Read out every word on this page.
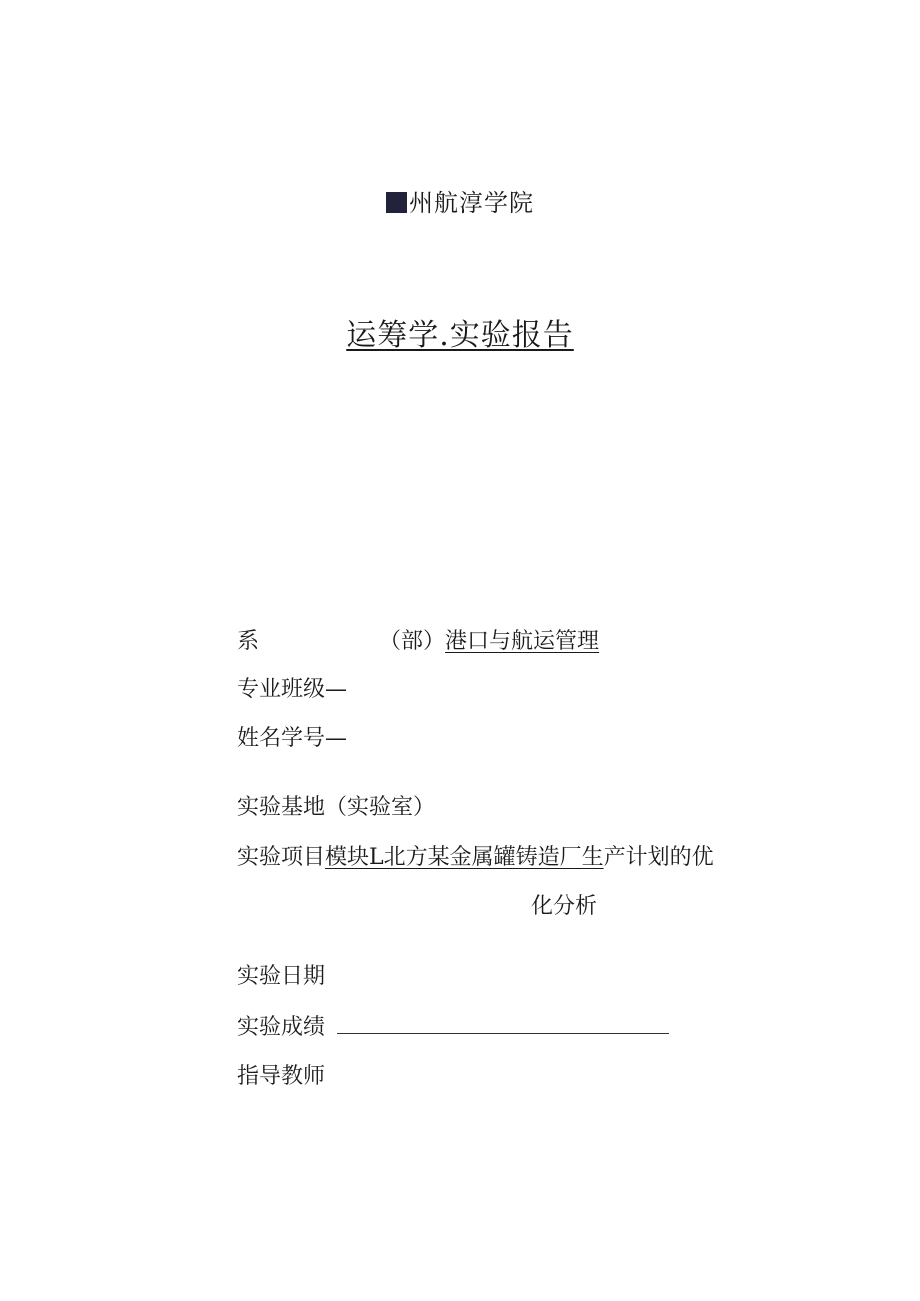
州航淳学院
运筹学.实验报告
系	（部）港口与航运管理
专业班级—
姓名学号—
实验基地（实验室）
实验项目模块L北方某金属罐铸造厂生产计划的优
化分析
实验日期
实验成绩
指导教师
